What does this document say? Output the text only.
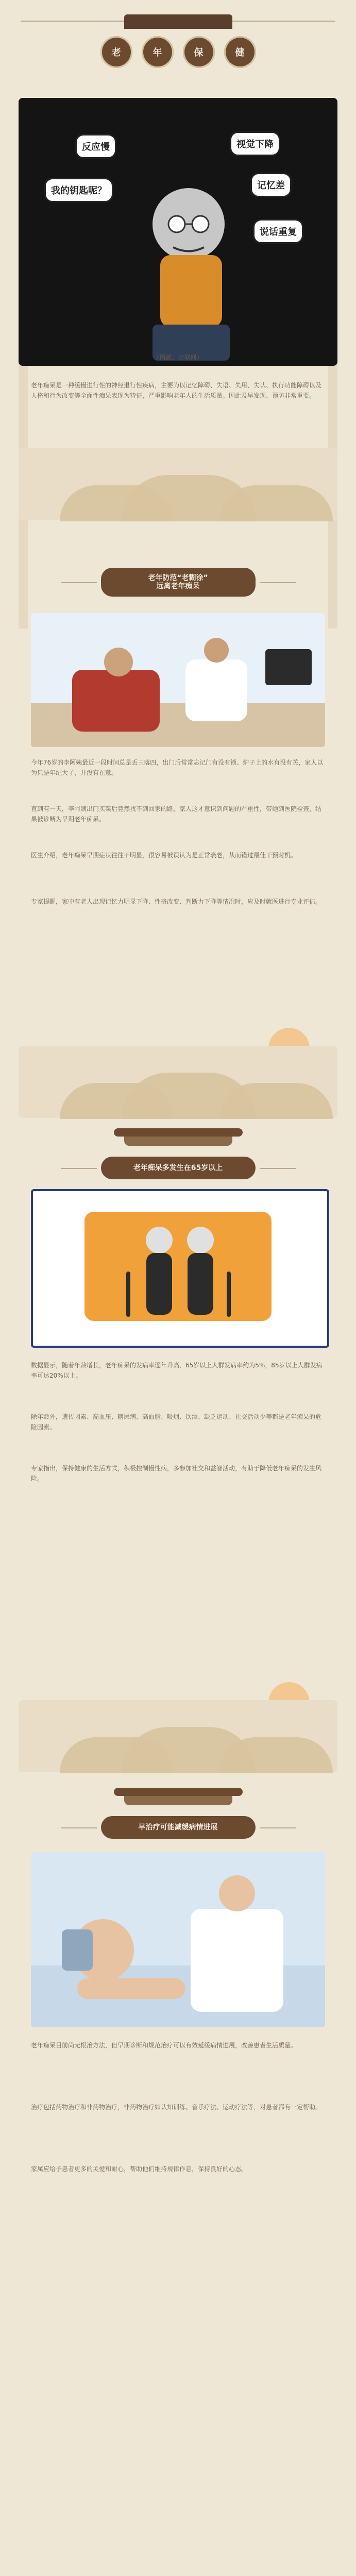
老	年	保	健
反应慢	视觉下降
我的钥匙呢？	记忆差
说话重复
（图源：互联网）
老年痴呆是一种缓慢进行性的神经退行性疾病，主要为以记忆障碍、失语、失用、失认、执行功能障碍以及人格和行为改变等全面性痴呆表现为特征，严重影响老年人的生活质量。因此及早发现、预防非常重要。
老年防范“老糊涂”
远离老年痴呆
今年76岁的李阿姨最近一段时间总是丢三落四，出门后常常忘记门有没有锁、炉子上的水有没有关，家人以为只是年纪大了，并没有在意。
直到有一天，李阿姨出门买菜后竟然找不到回家的路，家人这才意识到问题的严重性，带她到医院检查，结果被诊断为早期老年痴呆。
医生介绍，老年痴呆早期症状往往不明显，很容易被误认为是正常衰老，从而错过最佳干预时机。
专家提醒，家中有老人出现记忆力明显下降、性格改变、判断力下降等情况时，应及时就医进行专业评估。
老年痴呆多发生在65岁以上
数据显示，随着年龄增长，老年痴呆的发病率逐年升高，65岁以上人群发病率约为5%，85岁以上人群发病率可达20%以上。
除年龄外，遗传因素、高血压、糖尿病、高血脂、吸烟、饮酒、缺乏运动、社交活动少等都是老年痴呆的危险因素。
专家指出，保持健康的生活方式，积极控制慢性病，多参加社交和益智活动，有助于降低老年痴呆的发生风险。
早治疗可能减缓病情进展
老年痴呆目前尚无根治方法，但早期诊断和规范治疗可以有效延缓病情进展，改善患者生活质量。
治疗包括药物治疗和非药物治疗，非药物治疗如认知训练、音乐疗法、运动疗法等，对患者都有一定帮助。
家属应给予患者更多的关爱和耐心，帮助他们维持规律作息，保持良好的心态。
